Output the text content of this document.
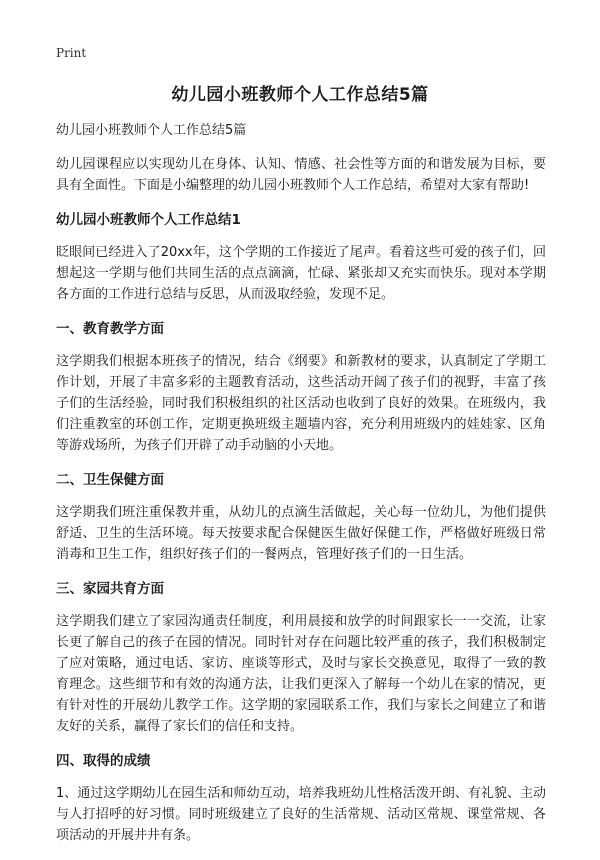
Print
幼儿园小班教师个人工作总结5篇

幼儿园小班教师个人工作总结5篇

幼儿园课程应以实现幼儿在身体、认知、情感、社会性等方面的和谐发展为目标，要具有全面性。下面是小编整理的幼儿园小班教师个人工作总结，希望对大家有帮助!

幼儿园小班教师个人工作总结1

眨眼间已经进入了20xx年，这个学期的工作接近了尾声。看着这些可爱的孩子们，回想起这一学期与他们共同生活的点点滴滴，忙碌、紧张却又充实而快乐。现对本学期各方面的工作进行总结与反思，从而汲取经验，发现不足。

一、教育教学方面

这学期我们根据本班孩子的情况，结合《纲要》和新教材的要求，认真制定了学期工作计划，开展了丰富多彩的主题教育活动，这些活动开阔了孩子们的视野，丰富了孩子们的生活经验，同时我们积极组织的社区活动也收到了良好的效果。在班级内，我们注重教室的环创工作，定期更换班级主题墙内容，充分利用班级内的娃娃家、区角等游戏场所，为孩子们开辟了动手动脑的小天地。

二、卫生保健方面

这学期我们班注重保教并重，从幼儿的点滴生活做起，关心每一位幼儿，为他们提供舒适、卫生的生活环境。每天按要求配合保健医生做好保健工作，严格做好班级日常消毒和卫生工作，组织好孩子们的一餐两点，管理好孩子们的一日生活。

三、家园共育方面

这学期我们建立了家园沟通责任制度，利用晨接和放学的时间跟家长一一交流，让家长更了解自己的孩子在园的情况。同时针对存在问题比较严重的孩子，我们积极制定了应对策略，通过电话、家访、座谈等形式，及时与家长交换意见，取得了一致的教育理念。这些细节和有效的沟通方法，让我们更深入了解每一个幼儿在家的情况，更有针对性的开展幼儿教学工作。这学期的家园联系工作，我们与家长之间建立了和谐友好的关系，赢得了家长们的信任和支持。

四、取得的成绩

1、通过这学期幼儿在园生活和师幼互动，培养我班幼儿性格活泼开朗、有礼貌、主动与人打招呼的好习惯。同时班级建立了良好的生活常规、活动区常规、课堂常规、各项活动的开展井井有条。
